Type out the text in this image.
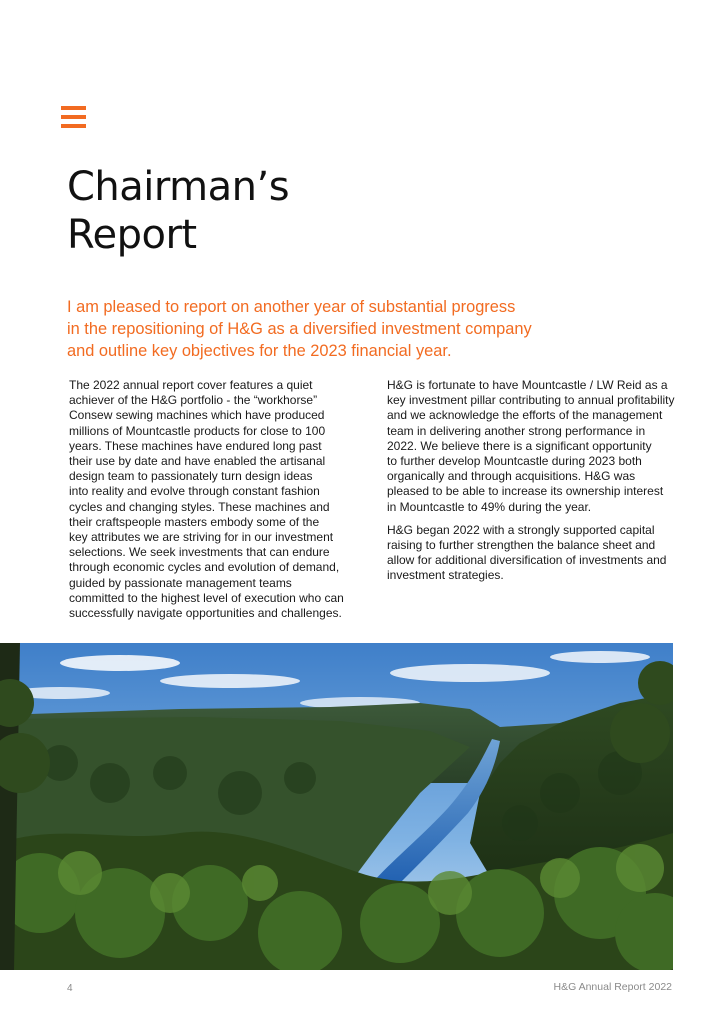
Chairman’s
Report
I am pleased to report on another year of substantial progress
in the repositioning of H&G as a diversified investment company
and outline key objectives for the 2023 financial year.
The 2022 annual report cover features a quiet
achiever of the H&G portfolio - the “workhorse”
Consew sewing machines which have produced
millions of Mountcastle products for close to 100
years. These machines have endured long past
their use by date and have enabled the artisanal
design team to passionately turn design ideas
into reality and evolve through constant fashion
cycles and changing styles. These machines and
their craftspeople masters embody some of the
key attributes we are striving for in our investment
selections. We seek investments that can endure
through economic cycles and evolution of demand,
guided by passionate management teams
committed to the highest level of execution who can
successfully navigate opportunities and challenges.
H&G is fortunate to have Mountcastle / LW Reid as a
key investment pillar contributing to annual profitability
and we acknowledge the efforts of the management
team in delivering another strong performance in
2022. We believe there is a significant opportunity
to further develop Mountcastle during 2023 both
organically and through acquisitions. H&G was
pleased to be able to increase its ownership interest
in Mountcastle to 49% during the year.
H&G began 2022 with a strongly supported capital
raising to further strengthen the balance sheet and
allow for additional diversification of investments and
investment strategies.
4	H&G Annual Report 2022
